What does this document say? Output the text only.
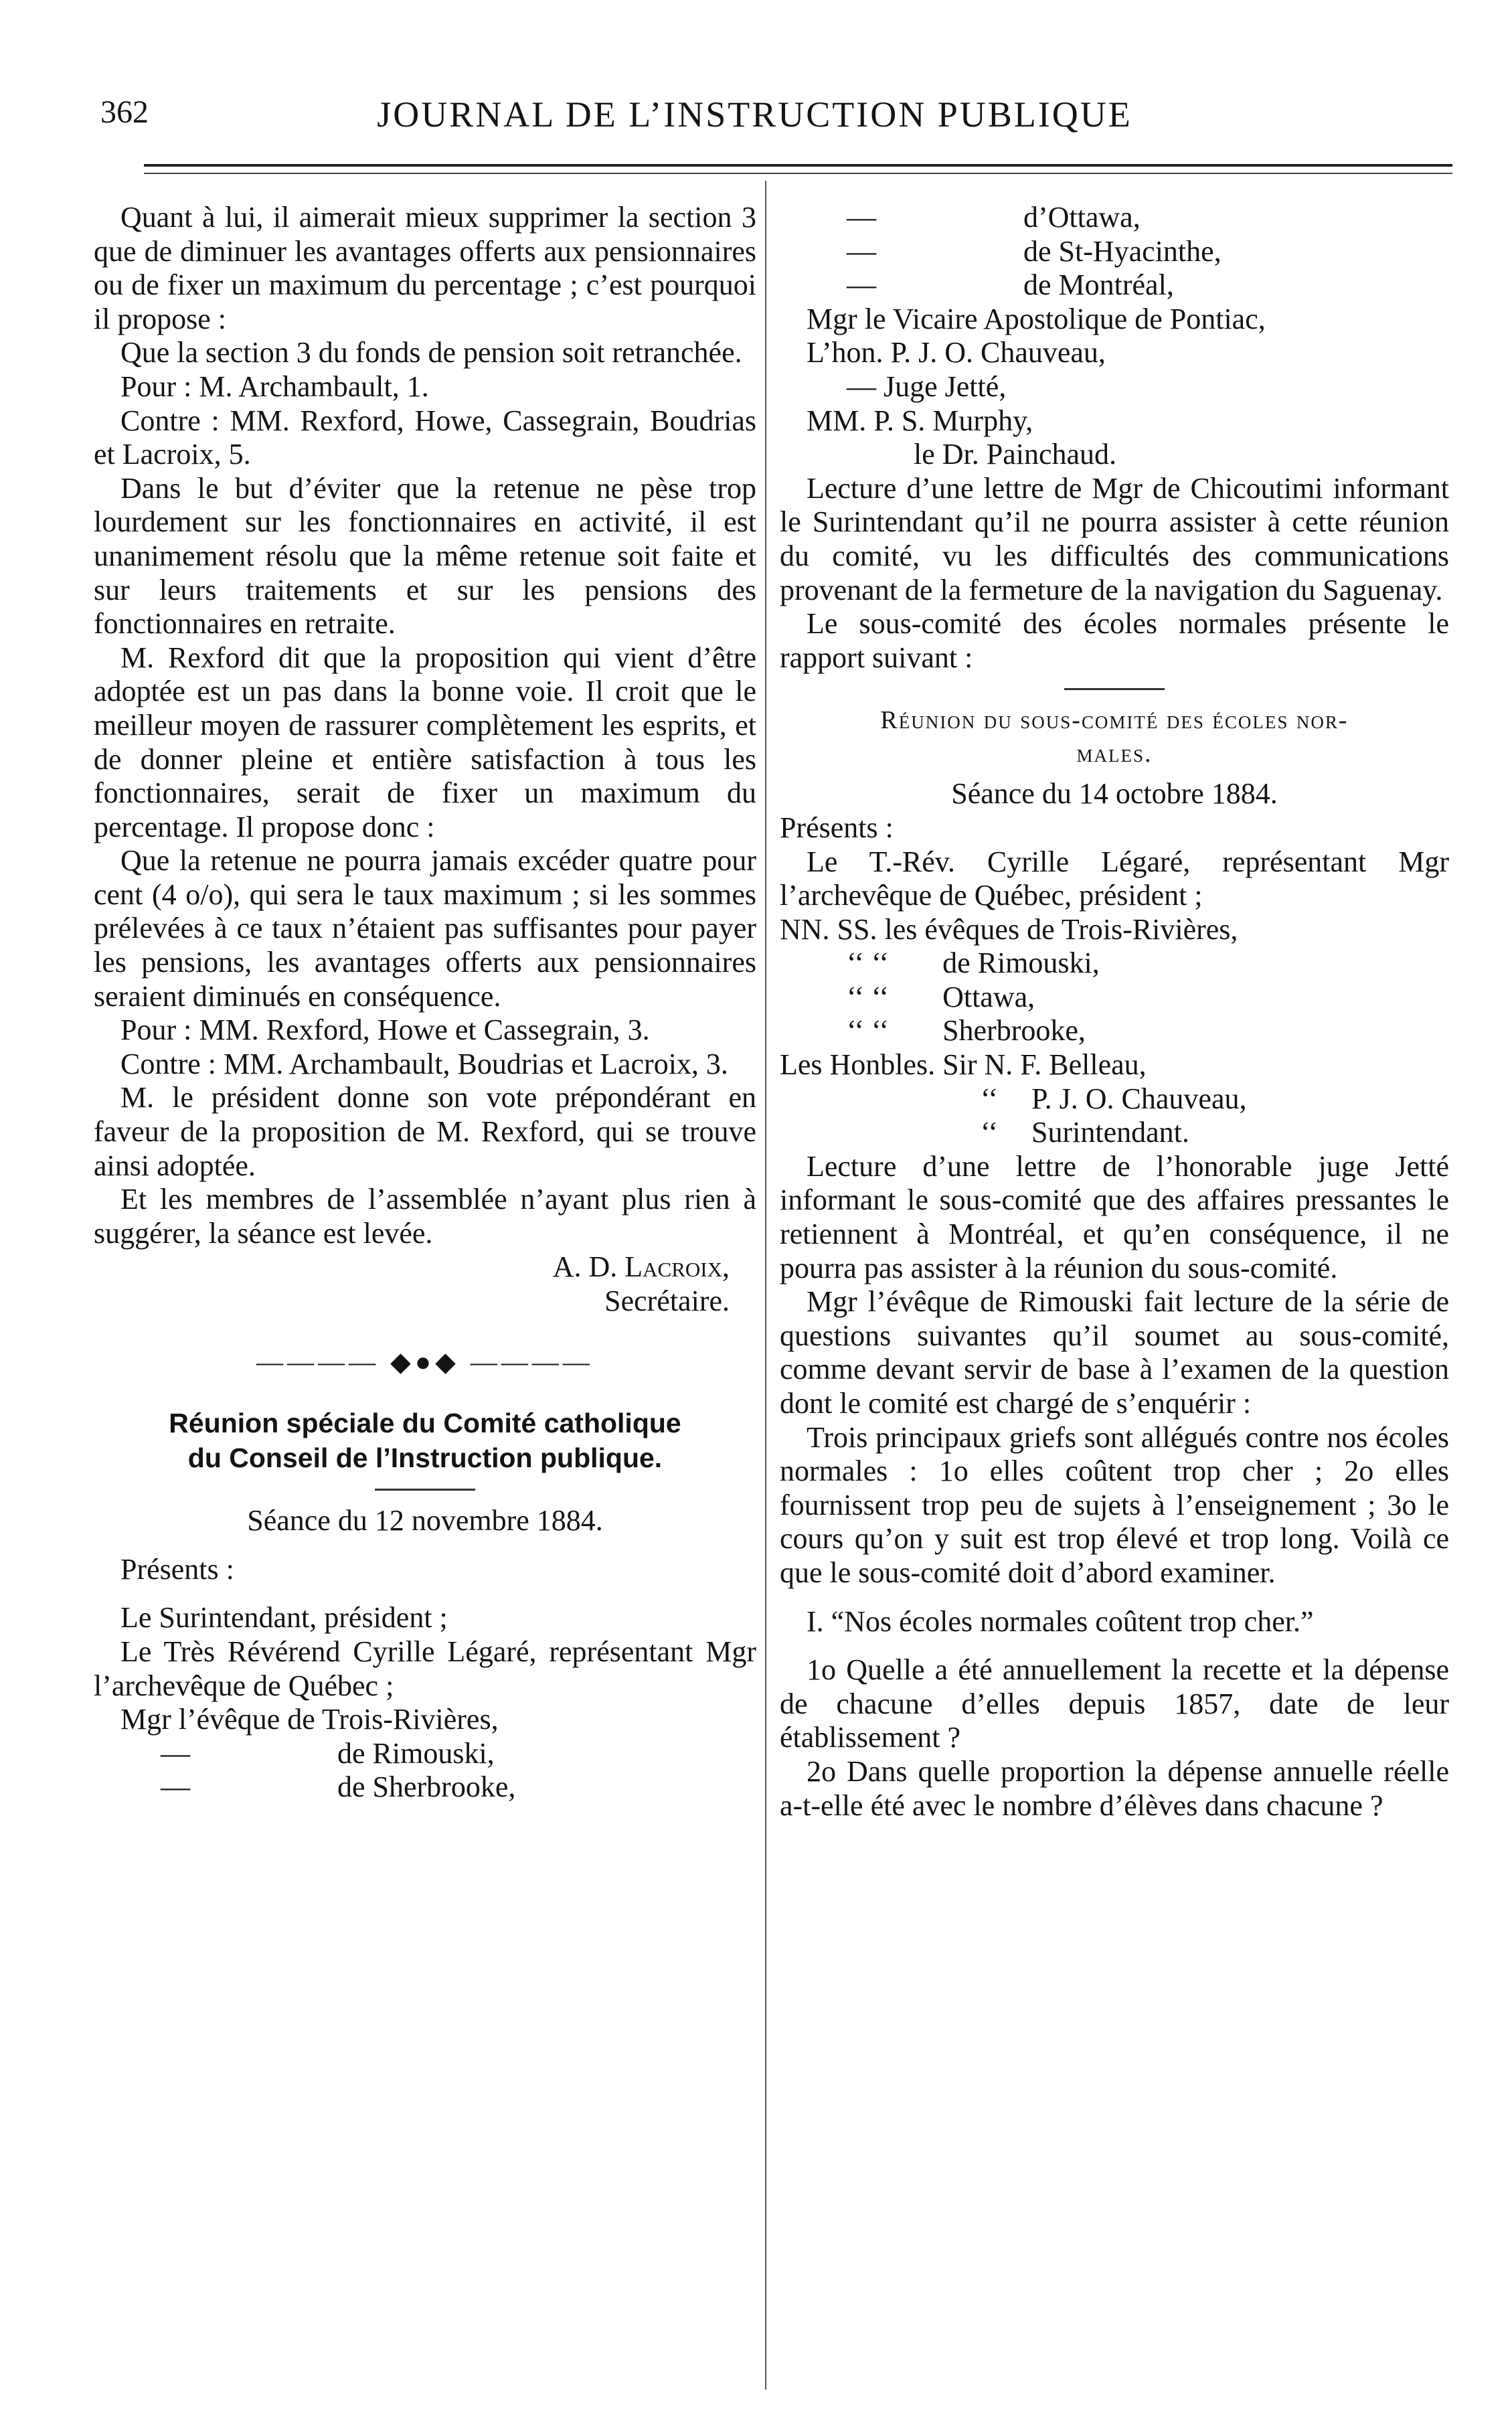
362	JOURNAL DE L’INSTRUCTION PUBLIQUE

Quant à lui, il aimerait mieux supprimer la section 3 que de diminuer les avantages offerts aux pensionnaires ou de fixer un maximum du percentage ; c’est pourquoi il propose :

Que la section 3 du fonds de pension soit retranchée.

Pour : M. Archambault, 1.

Contre : MM. Rexford, Howe, Cassegrain, Boudrias et Lacroix, 5.

Dans le but d’éviter que la retenue ne pèse trop lourdement sur les fonctionnaires en activité, il est unanimement résolu que la même retenue soit faite et sur leurs traitements et sur les pensions des fonctionnaires en retraite.

M. Rexford dit que la proposition qui vient d’être adoptée est un pas dans la bonne voie. Il croit que le meilleur moyen de rassurer complètement les esprits, et de donner pleine et entière satisfaction à tous les fonctionnaires, serait de fixer un maximum du percentage. Il propose donc :

Que la retenue ne pourra jamais excéder quatre pour cent (4 o/o), qui sera le taux maximum ; si les sommes prélevées à ce taux n’étaient pas suffisantes pour payer les pensions, les avantages offerts aux pensionnaires seraient diminués en conséquence.

Pour : MM. Rexford, Howe et Cassegrain, 3.

Contre : MM. Archambault, Boudrias et Lacroix, 3.

M. le président donne son vote prépondérant en faveur de la proposition de M. Rexford, qui se trouve ainsi adoptée.

Et les membres de l’assemblée n’ayant plus rien à suggérer, la séance est levée.

A. D. Lacroix,

Secrétaire.

———— ◆●◆ ————

Réunion spéciale du Comité catholique
du Conseil de l’Instruction publique.

Séance du 12 novembre 1884.

Présents :

Le Surintendant, président ;

Le Très Révérend Cyrille Légaré, représentant Mgr l’archevêque de Québec ;

Mgr l’évêque de Trois-Rivières,

—	de Rimouski,

—	de Sherbrooke,

—	d’Ottawa,

—	de St-Hyacinthe,

—	de Montréal,

Mgr le Vicaire Apostolique de Pontiac,

L’hon. P. J. O. Chauveau,

— Juge Jetté,

MM. P. S. Murphy,

le Dr. Painchaud.

Lecture d’une lettre de Mgr de Chicoutimi informant le Surintendant qu’il ne pourra assister à cette réunion du comité, vu les difficultés des communications provenant de la fermeture de la navigation du Saguenay.

Le sous-comité des écoles normales présente le rapport suivant :

Réunion du sous-comité des écoles nor-

males.

Séance du 14 octobre 1884.

Présents :

Le T.-Rév. Cyrille Légaré, représentant Mgr l’archevêque de Québec, président ;

NN. SS. les évêques de Trois-Rivières,

‘‘ ‘‘ de Rimouski,

‘‘ ‘‘ Ottawa,

‘‘ ‘‘ Sherbrooke,

Les Honbles. Sir N. F. Belleau,

‘‘ P. J. O. Chauveau,

‘‘ Surintendant.

Lecture d’une lettre de l’honorable juge Jetté informant le sous-comité que des affaires pressantes le retiennent à Montréal, et qu’en conséquence, il ne pourra pas assister à la réunion du sous-comité.

Mgr l’évêque de Rimouski fait lecture de la série de questions suivantes qu’il soumet au sous-comité, comme devant servir de base à l’examen de la question dont le comité est chargé de s’enquérir :

Trois principaux griefs sont allégués contre nos écoles normales : 1o elles coûtent trop cher ; 2o elles fournissent trop peu de sujets à l’enseignement ; 3o le cours qu’on y suit est trop élevé et trop long. Voilà ce que le sous-comité doit d’abord examiner.

I. “Nos écoles normales coûtent trop cher.”

1o Quelle a été annuellement la recette et la dépense de chacune d’elles depuis 1857, date de leur établissement ?

2o Dans quelle proportion la dépense annuelle réelle a-t-elle été avec le nombre d’élèves dans chacune ?
